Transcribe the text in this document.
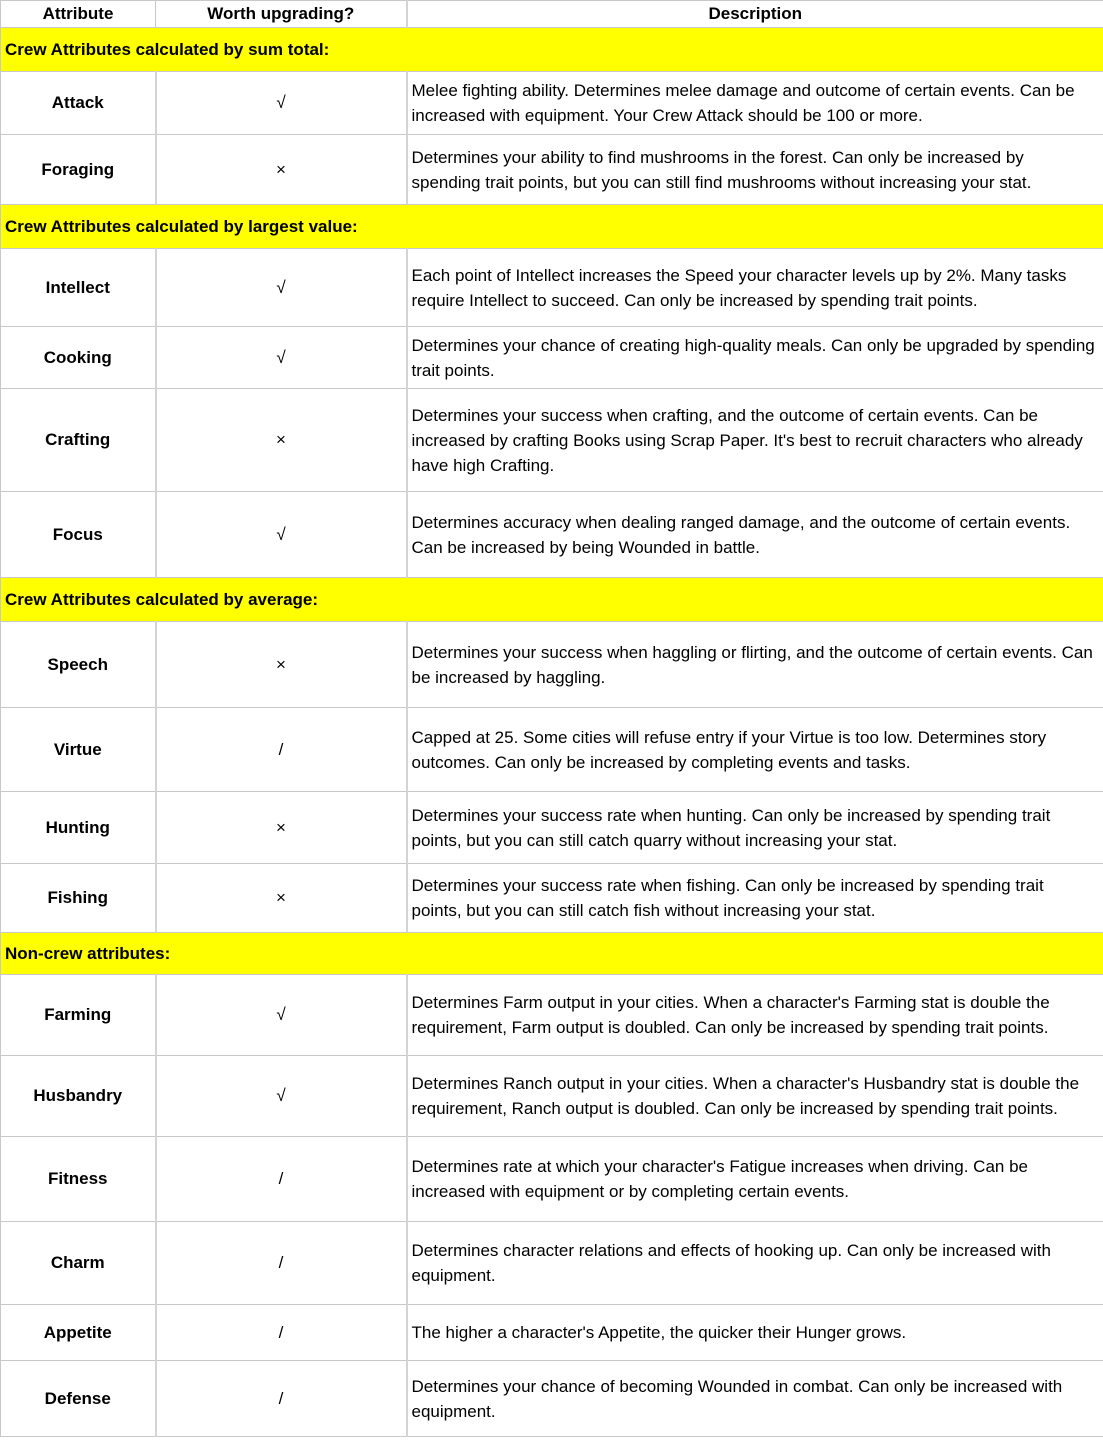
Attribute	Worth upgrading?	Description
Crew Attributes calculated by sum total:		
Attack	√	Melee fighting ability. Determines melee damage and outcome of certain events. Can be increased with equipment. Your Crew Attack should be 100 or more.
Foraging	×	Determines your ability to find mushrooms in the forest. Can only be increased by spending trait points, but you can still find mushrooms without increasing your stat.
Crew Attributes calculated by largest value:		
Intellect	√	Each point of Intellect increases the Speed your character levels up by 2%. Many tasks require Intellect to succeed. Can only be increased by spending trait points.
Cooking	√	Determines your chance of creating high-quality meals. Can only be upgraded by spending trait points.
Crafting	×	Determines your success when crafting, and the outcome of certain events. Can be increased by crafting Books using Scrap Paper. It's best to recruit characters who already have high Crafting.
Focus	√	Determines accuracy when dealing ranged damage, and the outcome of certain events. Can be increased by being Wounded in battle.
Crew Attributes calculated by average:		
Speech	×	Determines your success when haggling or flirting, and the outcome of certain events. Can be increased by haggling.
Virtue	/	Capped at 25. Some cities will refuse entry if your Virtue is too low. Determines story outcomes. Can only be increased by completing events and tasks.
Hunting	×	Determines your success rate when hunting. Can only be increased by spending trait points, but you can still catch quarry without increasing your stat.
Fishing	×	Determines your success rate when fishing. Can only be increased by spending trait points, but you can still catch fish without increasing your stat.
Non-crew attributes:		
Farming	√	Determines Farm output in your cities. When a character's Farming stat is double the requirement, Farm output is doubled. Can only be increased by spending trait points.
Husbandry	√	Determines Ranch output in your cities. When a character's Husbandry stat is double the requirement, Ranch output is doubled. Can only be increased by spending trait points.
Fitness	/	Determines rate at which your character's Fatigue increases when driving. Can be increased with equipment or by completing certain events.
Charm	/	Determines character relations and effects of hooking up. Can only be increased with equipment.
Appetite	/	The higher a character's Appetite, the quicker their Hunger grows.
Defense	/	Determines your chance of becoming Wounded in combat. Can only be increased with equipment.
